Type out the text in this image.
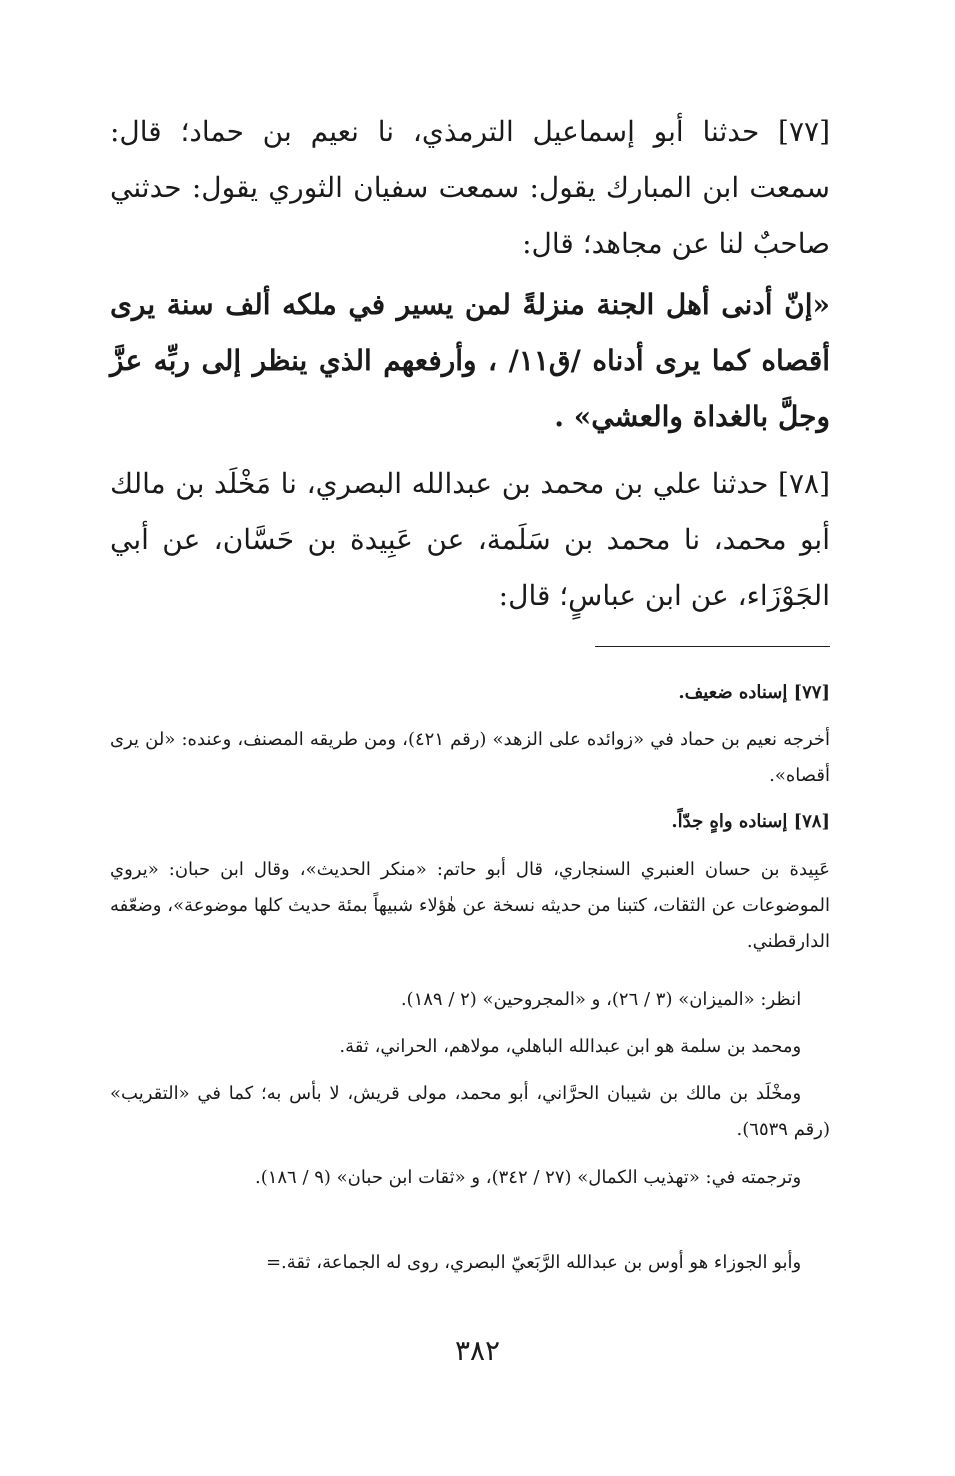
[٧٧] حدثنا أبو إسماعيل الترمذي، نا نعيم بن حماد؛ قال: سمعت ابن المبارك يقول: سمعت سفيان الثوري يقول: حدثني صاحبٌ لنا عن مجاهد؛ قال:

«إنّ أدنى أهل الجنة منزلةً لمن يسير في ملكه ألف سنة يرى أقصاه كما يرى أدناه /ق١١/ ، وأرفعهم الذي ينظر إلى ربِّه عزَّ وجلَّ بالغداة والعشي» .

[٧٨] حدثنا علي بن محمد بن عبدالله البصري، نا مَخْلَد بن مالك أبو محمد، نا محمد بن سَلَمة، عن عَبِيدة بن حَسَّان، عن أبي الجَوْزَاء، عن ابن عباسٍ؛ قال:

[٧٧] إسناده ضعيف.

أخرجه نعيم بن حماد في «زوائده على الزهد» (رقم ٤٢١)، ومن طريقه المصنف، وعنده: «لن يرى أقصاه».

[٧٨] إسناده واهٍ جدّاً.

عَبِيدة بن حسان العنبري السنجاري، قال أبو حاتم: «منكر الحديث»، وقال ابن حبان: «يروي الموضوعات عن الثقات، كتبنا من حديثه نسخة عن هٰؤلاء شبيهاً بمئة حديث كلها موضوعة»، وضعّفه الدارقطني.

انظر: «الميزان» (٣ / ٢٦)، و «المجروحين» (٢ / ١٨٩).

ومحمد بن سلمة هو ابن عبدالله الباهلي، مولاهم، الحراني، ثقة.

ومخْلَد بن مالك بن شيبان الحرَّاني، أبو محمد، مولى قريش، لا بأس به؛ كما في «التقريب» (رقم ٦٥٣٩).

وترجمته في: «تهذيب الكمال» (٢٧ / ٣٤٢)، و «ثقات ابن حبان» (٩ / ١٨٦).

وأبو الجوزاء هو أوس بن عبدالله الرَّبَعيّ البصري، روى له الجماعة، ثقة.=

٣٨٢
